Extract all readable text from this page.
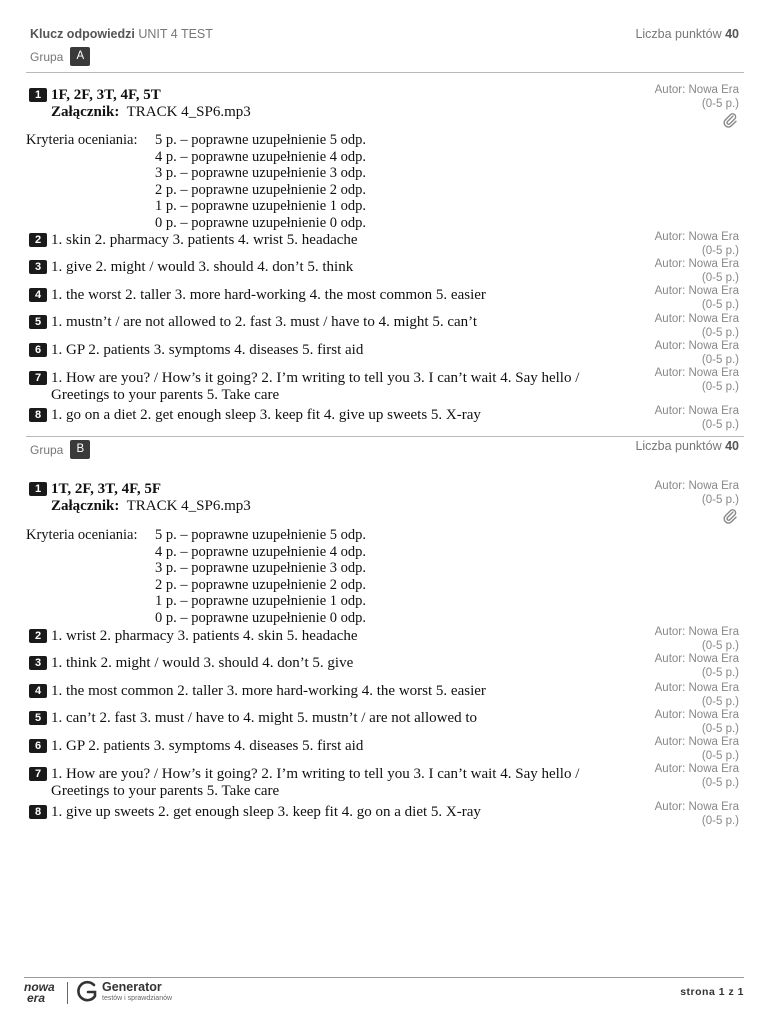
Klucz odpowiedzi UNIT 4 TEST	Liczba punktów 40
Grupa	A
1 1F, 2F, 3T, 4F, 5T
Załącznik: TRACK 4_SP6.mp3
Autor: Nowa Era
(0-5 p.)
Kryteria oceniania:	5 p. – poprawne uzupełnienie 5 odp.
4 p. – poprawne uzupełnienie 4 odp.
3 p. – poprawne uzupełnienie 3 odp.
2 p. – poprawne uzupełnienie 2 odp.
1 p. – poprawne uzupełnienie 1 odp.
0 p. – poprawne uzupełnienie 0 odp.
2 1. skin 2. pharmacy 3. patients 4. wrist 5. headache	Autor: Nowa Era
(0-5 p.)
3 1. give 2. might / would 3. should 4. don’t 5. think	Autor: Nowa Era
(0-5 p.)
4 1. the worst 2. taller 3. more hard-working 4. the most common 5. easier	Autor: Nowa Era
(0-5 p.)
5 1. mustn’t / are not allowed to 2. fast 3. must / have to 4. might 5. can’t	Autor: Nowa Era
(0-5 p.)
6 1. GP 2. patients 3. symptoms 4. diseases 5. first aid	Autor: Nowa Era
(0-5 p.)
7 1. How are you? / How’s it going? 2. I’m writing to tell you 3. I can’t wait 4. Say hello /
Greetings to your parents 5. Take care
Autor: Nowa Era
(0-5 p.)
8 1. go on a diet 2. get enough sleep 3. keep fit 4. give up sweets 5. X-ray	Autor: Nowa Era
(0-5 p.)
Liczba punktów 40
Grupa	B
1 1T, 2F, 3T, 4F, 5F
Załącznik: TRACK 4_SP6.mp3
Autor: Nowa Era
(0-5 p.)
Kryteria oceniania:	5 p. – poprawne uzupełnienie 5 odp.
4 p. – poprawne uzupełnienie 4 odp.
3 p. – poprawne uzupełnienie 3 odp.
2 p. – poprawne uzupełnienie 2 odp.
1 p. – poprawne uzupełnienie 1 odp.
0 p. – poprawne uzupełnienie 0 odp.
2 1. wrist 2. pharmacy 3. patients 4. skin 5. headache	Autor: Nowa Era
(0-5 p.)
3 1. think 2. might / would 3. should 4. don’t 5. give	Autor: Nowa Era
(0-5 p.)
4 1. the most common 2. taller 3. more hard-working 4. the worst 5. easier	Autor: Nowa Era
(0-5 p.)
5 1. can’t 2. fast 3. must / have to 4. might 5. mustn’t / are not allowed to	Autor: Nowa Era
(0-5 p.)
6 1. GP 2. patients 3. symptoms 4. diseases 5. first aid	Autor: Nowa Era
(0-5 p.)
7 1. How are you? / How’s it going? 2. I’m writing to tell you 3. I can’t wait 4. Say hello /
Greetings to your parents 5. Take care
Autor: Nowa Era
(0-5 p.)
8 1. give up sweets 2. get enough sleep 3. keep fit 4. go on a diet 5. X-ray	Autor: Nowa Era
(0-5 p.)
nowa
era
Generator
testów i sprawdzianów	strona 1 z 1
